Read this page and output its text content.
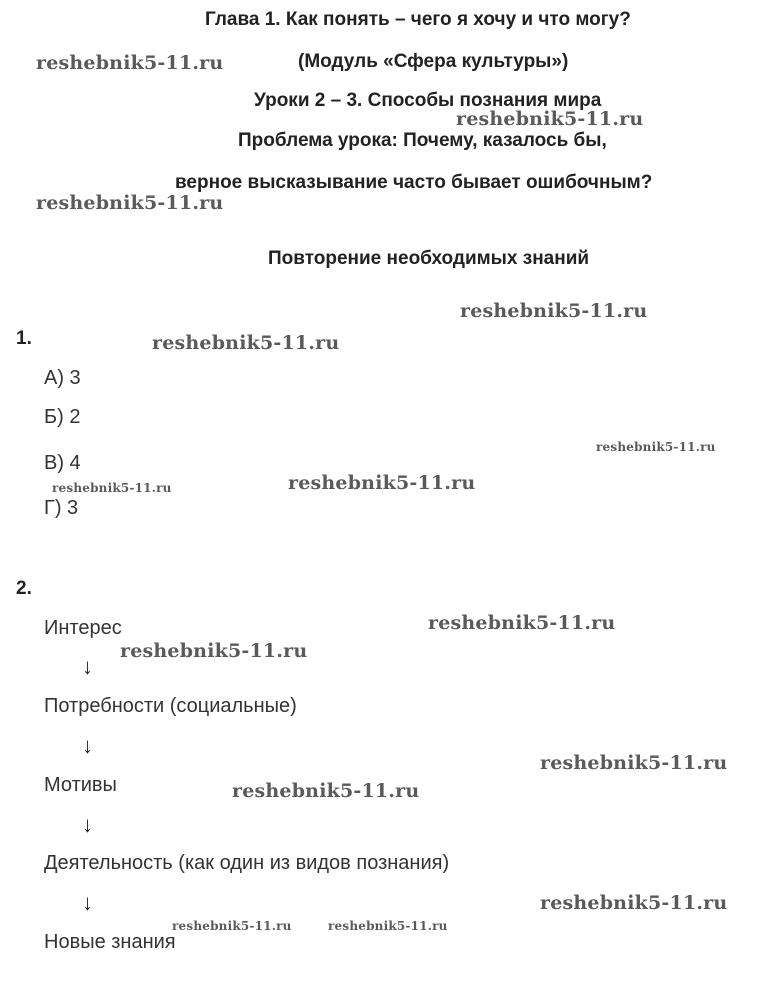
Глава 1. Как понять – чего я хочу и что могу?
(Модуль «Сфера культуры»)
Уроки 2 – 3. Способы познания мира
Проблема урока: Почему, казалось бы,
верное высказывание часто бывает ошибочным?
Повторение необходимых знаний
1.
А) 3
Б) 2
В) 4
Г) 3
2.
Интерес
↓
Потребности (социальные)
↓
Мотивы
↓
Деятельность (как один из видов познания)
↓
Новые знания
reshebnik5-11.ru
reshebnik5-11.ru
reshebnik5-11.ru
reshebnik5-11.ru
reshebnik5-11.ru
reshebnik5-11.ru
reshebnik5-11.ru	reshebnik5-11.ru
reshebnik5-11.ru
reshebnik5-11.ru
reshebnik5-11.ru
reshebnik5-11.ru
reshebnik5-11.ru
reshebnik5-11.ru	reshebnik5-11.ru
